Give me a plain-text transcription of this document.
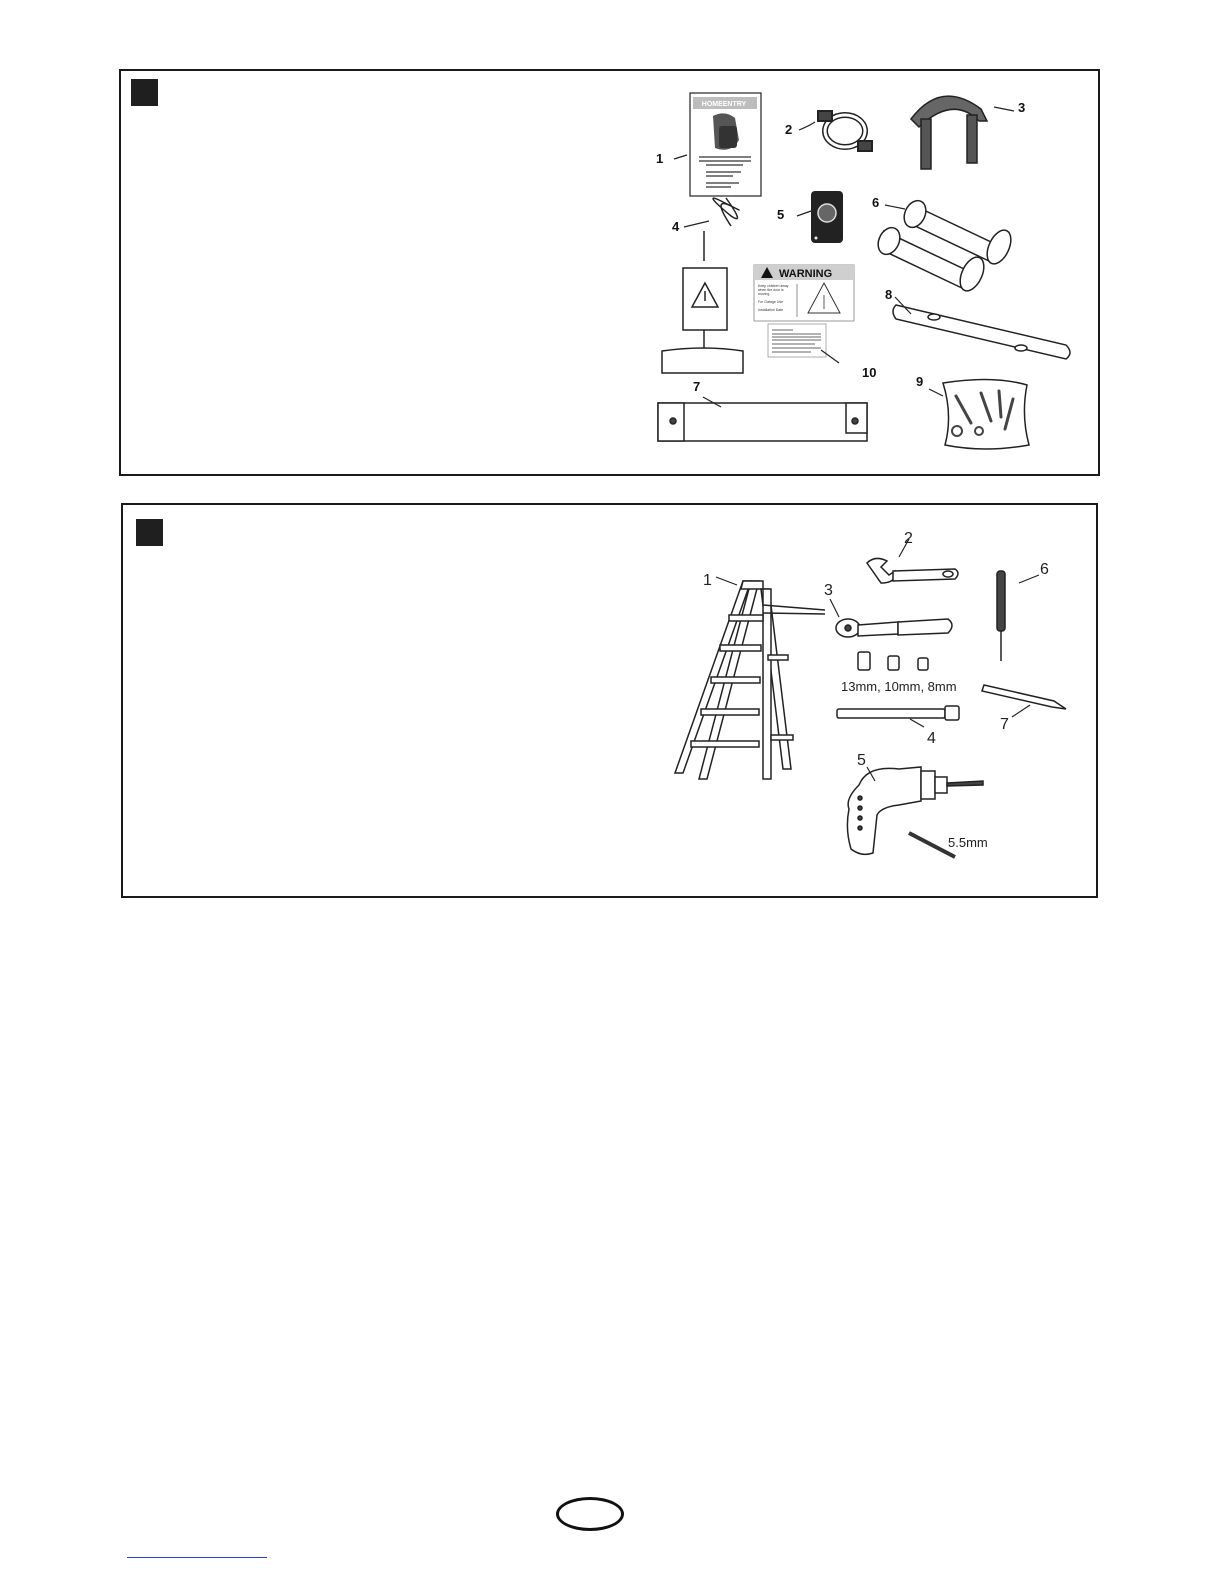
HOMEENTRY
WARNING
Keep children away
when the door is
moving.
For Garage Use
Installation Date
1
2
3
4
5
6
7
8
9
10
13mm, 10mm, 8mm
5.5mm
1
2
3
4
5
6
7
